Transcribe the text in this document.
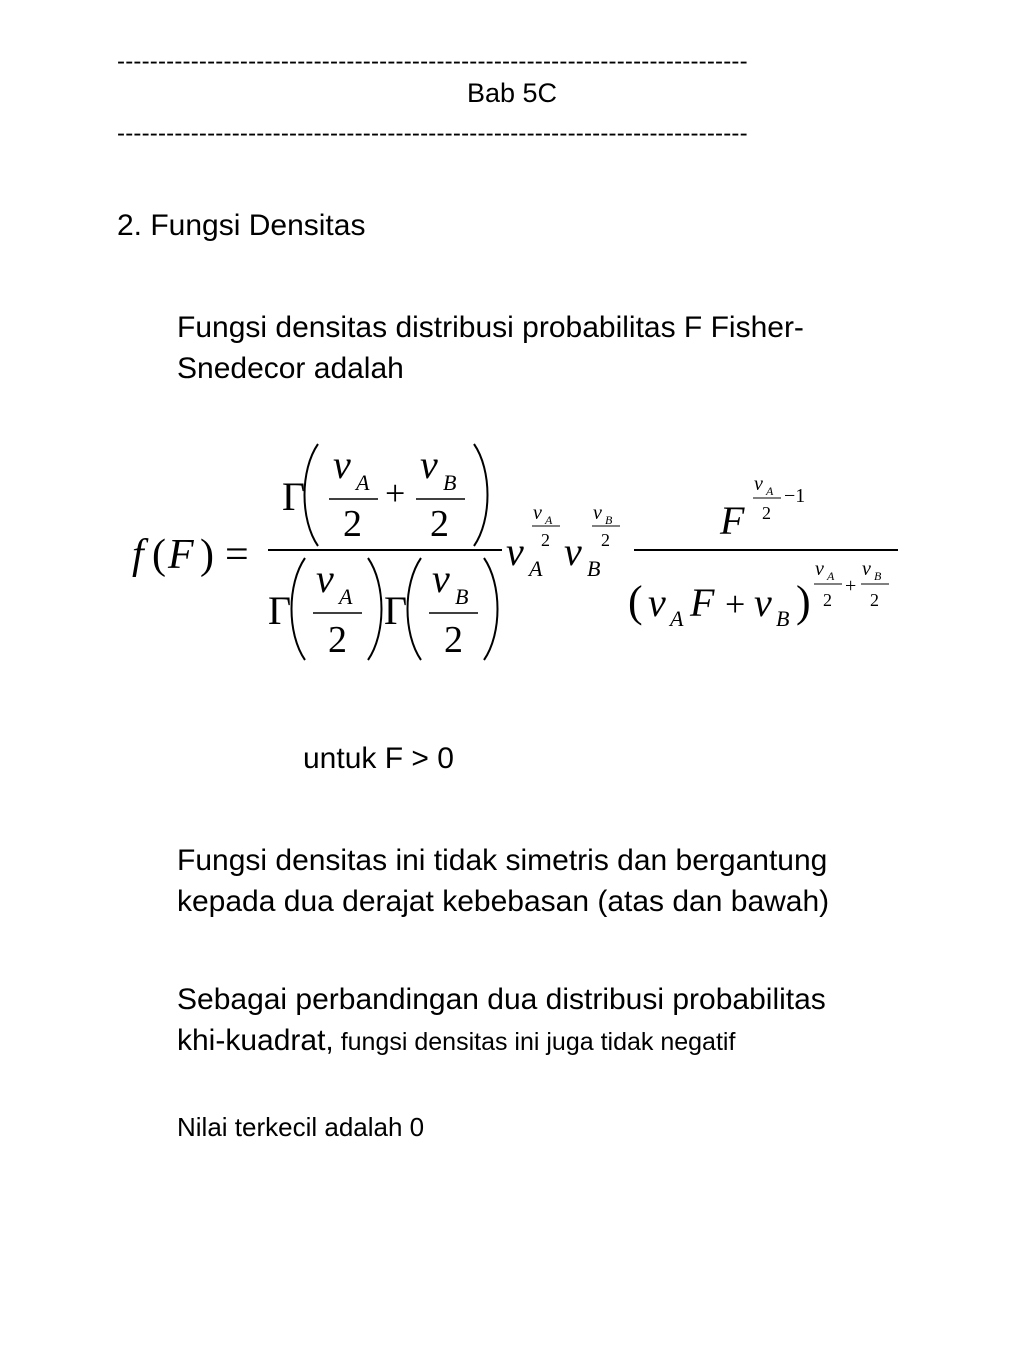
-----------------------------------------------------------------------------
Bab 5C
-----------------------------------------------------------------------------
2. Fungsi Densitas
Fungsi densitas distribusi probabilitas F Fisher-
Snedecor adalah
f ( F ) =
Γ
ν A
2
+
ν B
2
Γ
ν A
2
Γ
ν B
2
ν A
ν A
2 ν B
ν B
2	F
ν A
2
−1
( ν A F + ν B )
ν A
2
+
ν B
2
untuk F > 0
Fungsi densitas ini tidak simetris dan bergantung
kepada dua derajat kebebasan (atas dan bawah)
Sebagai perbandingan dua distribusi probabilitas
khi-kuadrat, fungsi densitas ini juga tidak negatif
Nilai terkecil adalah 0
